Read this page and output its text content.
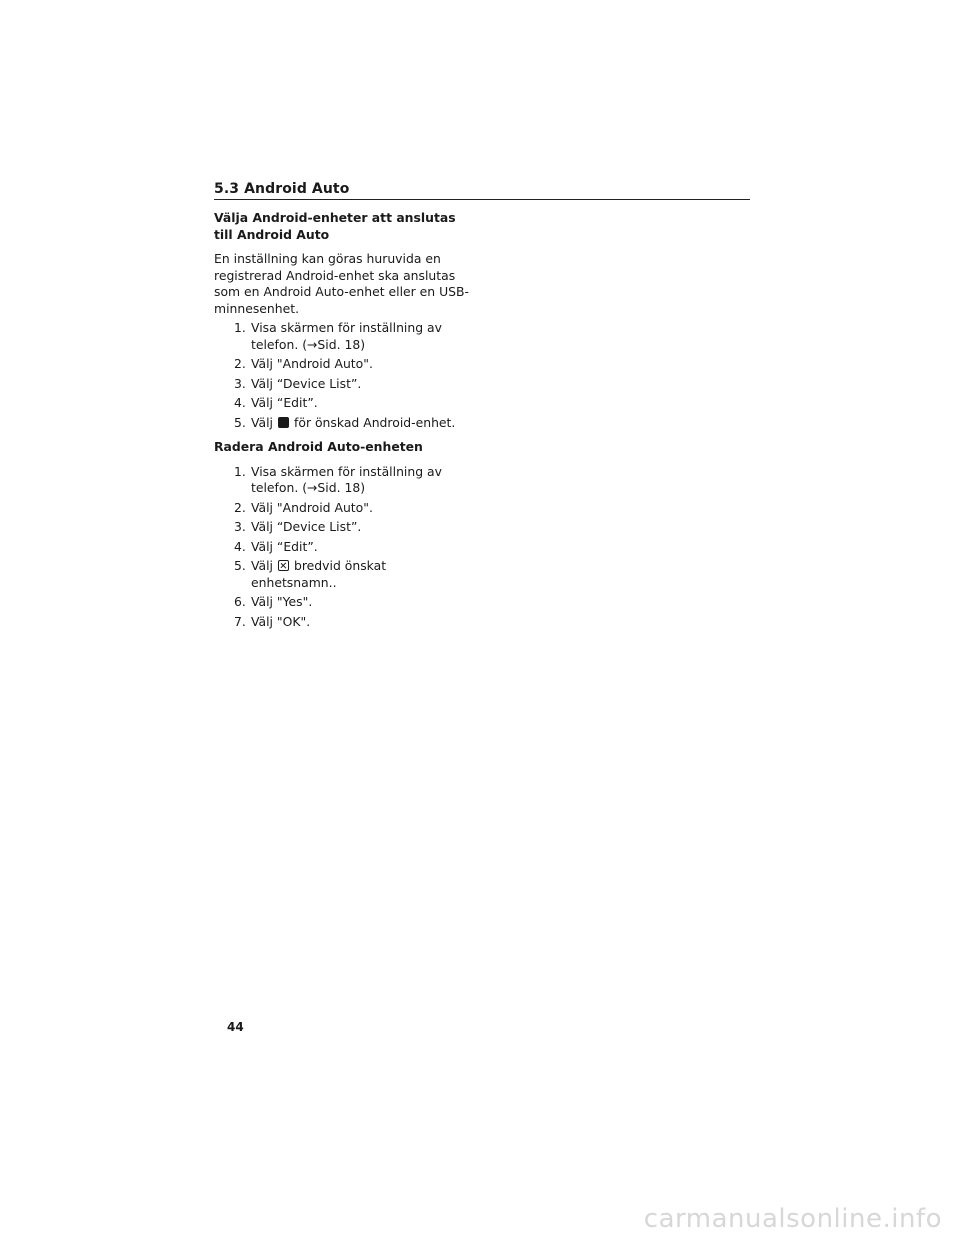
5.3 Android Auto
Välja Android-enheter att anslutas till Android Auto

En inställning kan göras huruvida en registrerad Android-enhet ska anslutas som en Android Auto-enhet eller en USB-minnesenhet.

1. Visa skärmen för inställning av telefon. (→Sid. 18)
2. Välj "Android Auto".
3. Välj “Device List”.
4. Välj “Edit”.
5. Välj för önskad Android-enhet.
Radera Android Auto-enheten
1. Visa skärmen för inställning av telefon. (→Sid. 18)
2. Välj "Android Auto".
3. Välj “Device List”.
4. Välj “Edit”.
5. Välj bredvid önskat enhetsnamn..
6. Välj "Yes".
7. Välj "OK".
44
carmanualsonline.info
